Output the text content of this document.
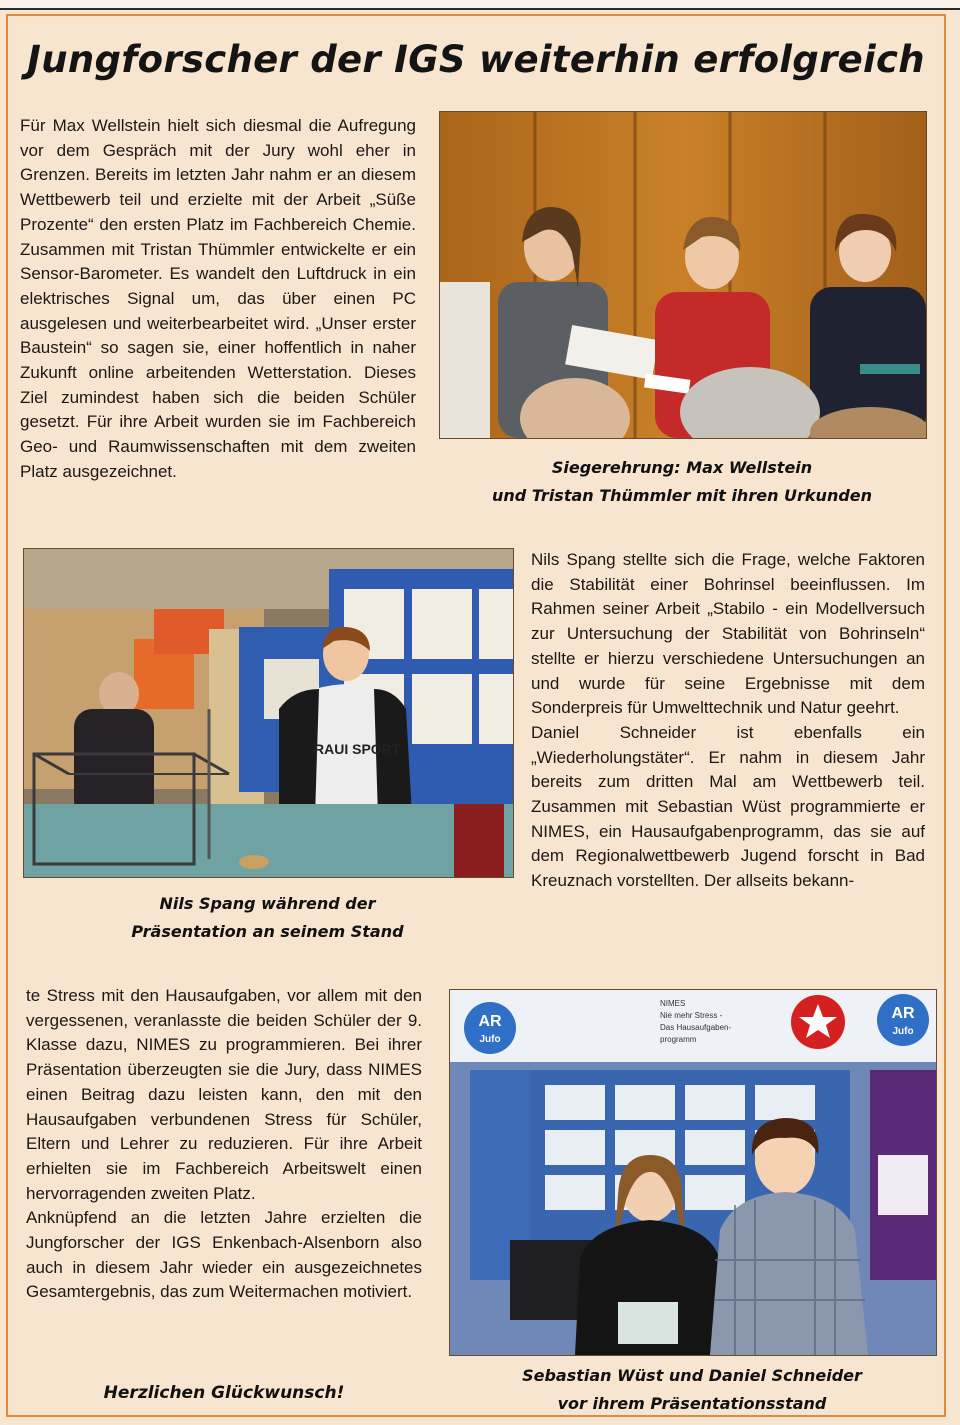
Jungforscher der IGS weiterhin erfolgreich

Für Max Wellstein hielt sich diesmal die Aufregung vor dem Gespräch mit der Jury wohl eher in Grenzen. Bereits im letzten Jahr nahm er an diesem Wettbewerb teil und erzielte mit der Arbeit „Süße Prozente“ den ersten Platz im Fachbereich Chemie. Zusammen mit Tristan Thümmler entwickelte er ein Sensor-Barometer. Es wandelt den Luftdruck in ein elektrisches Signal um, das über einen PC ausgelesen und weiterbearbeitet wird. „Unser erster Baustein“ so sagen sie, einer hoffentlich in naher Zukunft online arbeitenden Wetterstation. Dieses Ziel zumindest haben sich die beiden Schüler gesetzt. Für ihre Arbeit wurden sie im Fachbereich Geo- und Raumwissenschaften mit dem zweiten Platz ausgezeichnet.	Siegerehrung: Max Wellstein
und Tristan Thümmler mit ihren Urkunden
RAUI SPORT
Nils Spang während der
Präsentation an seinem Stand

Nils Spang stellte sich die Frage, welche Faktoren die Stabilität einer Bohrinsel beeinflussen. Im Rahmen seiner Arbeit „Stabilo - ein Modellversuch zur Untersuchung der Stabilität von Bohrinseln“ stellte er hierzu verschiedene Untersuchungen an und wurde für seine Ergebnisse mit dem Sonderpreis für Umwelttechnik und Natur geehrt.

Daniel Schneider ist ebenfalls ein „Wiederholungstäter“. Er nahm in diesem Jahr bereits zum dritten Mal am Wettbewerb teil. Zusammen mit Sebastian Wüst programmierte er NIMES, ein Hausaufgabenprogramm, das sie auf dem Regionalwettbewerb Jugend forscht in Bad Kreuznach vorstellten. Der allseits bekann-

te Stress mit den Hausaufgaben, vor allem mit den vergessenen, veranlasste die beiden Schüler der 9. Klasse dazu, NIMES zu programmieren. Bei ihrer Präsentation überzeugten sie die Jury, dass NIMES einen Beitrag dazu leisten kann, den mit den Hausaufgaben verbundenen Stress für Schüler, Eltern und Lehrer zu reduzieren. Für ihre Arbeit erhielten sie im Fachbereich Arbeitswelt einen hervorragenden zweiten Platz.

Anknüpfend an die letzten Jahre erzielten die Jungforscher der IGS Enkenbach-Alsenborn also auch in diesem Jahr wieder ein ausgezeichnetes Gesamtergebnis, das zum Weitermachen motiviert.

Herzlichen Glückwunsch!
AR
Jufo
AR
Jufo
NIMES
Nie mehr Stress -
Das Hausaufgaben-
programm
Sebastian Wüst und Daniel Schneider
vor ihrem Präsentationsstand
